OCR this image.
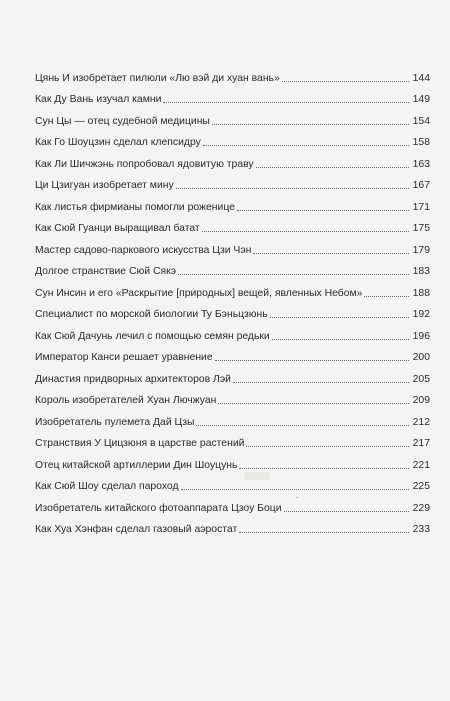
Цянь И изобретает пилюли «Лю вэй ди хуан вань»	144
Как Ду Вань изучал камни	149
Сун Цы — отец судебной медицины	154
Как Го Шоуцзин сделал клепсидру	158
Как Ли Шичжэнь попробовал ядовитую траву	163
Ци Цзигуан изобретает мину	167
Как листья фирмианы помогли роженице	171
Как Сюй Гуанци выращивал батат	175
Мастер садово-паркового искусства Цзи Чэн	179
Долгое странствие Сюй Сякэ	183
Сун Инсин и его «Раскрытие [природных] вещей, явленных Небом»	188
Специалист по морской биологии Ту Бэньцзюнь	192
Как Сюй Дачунь лечил с помощью семян редьки	196
Император Канси решает уравнение	200
Династия придворных архитекторов Лэй	205
Король изобретателей Хуан Лючжуан	209
Изобретатель пулемета Дай Цзы	212
Странствия У Цицзюня в царстве растений	217
Отец китайской артиллерии Дин Шоуцунь	221
Как Сюй Шоу сделал пароход	225
Изобретатель китайского фотоаппарата Цзоу Боци	229
Как Хуа Хэнфан сделал газовый аэростат	233
